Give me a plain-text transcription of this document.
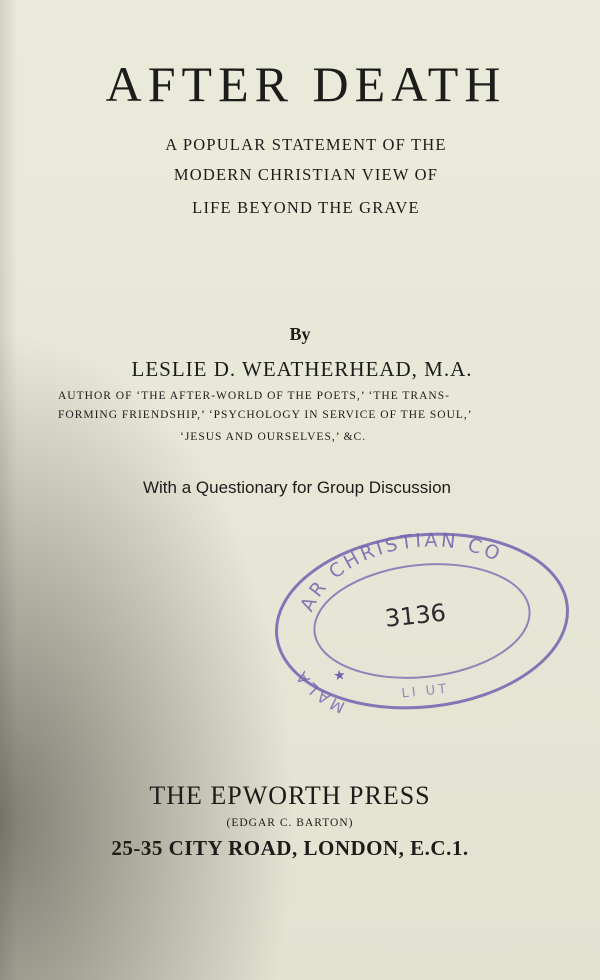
AFTER DEATH
A POPULAR STATEMENT OF THE
MODERN CHRISTIAN VIEW OF
LIFE BEYOND THE GRAVE
By
LESLIE D. WEATHERHEAD, M.A.
AUTHOR OF ‘THE AFTER-WORLD OF THE POETS,’ ‘THE TRANS-
FORMING FRIENDSHIP,’ ‘PSYCHOLOGY IN SERVICE OF THE SOUL,’
‘JESUS AND OURSELVES,’ &C.
With a Questionary for Group Discussion
AR CHRISTIAN CO
MALA	★
3136
LI UT
THE EPWORTH PRESS
(EDGAR C. BARTON)
25-35 CITY ROAD, LONDON, E.C.1.
